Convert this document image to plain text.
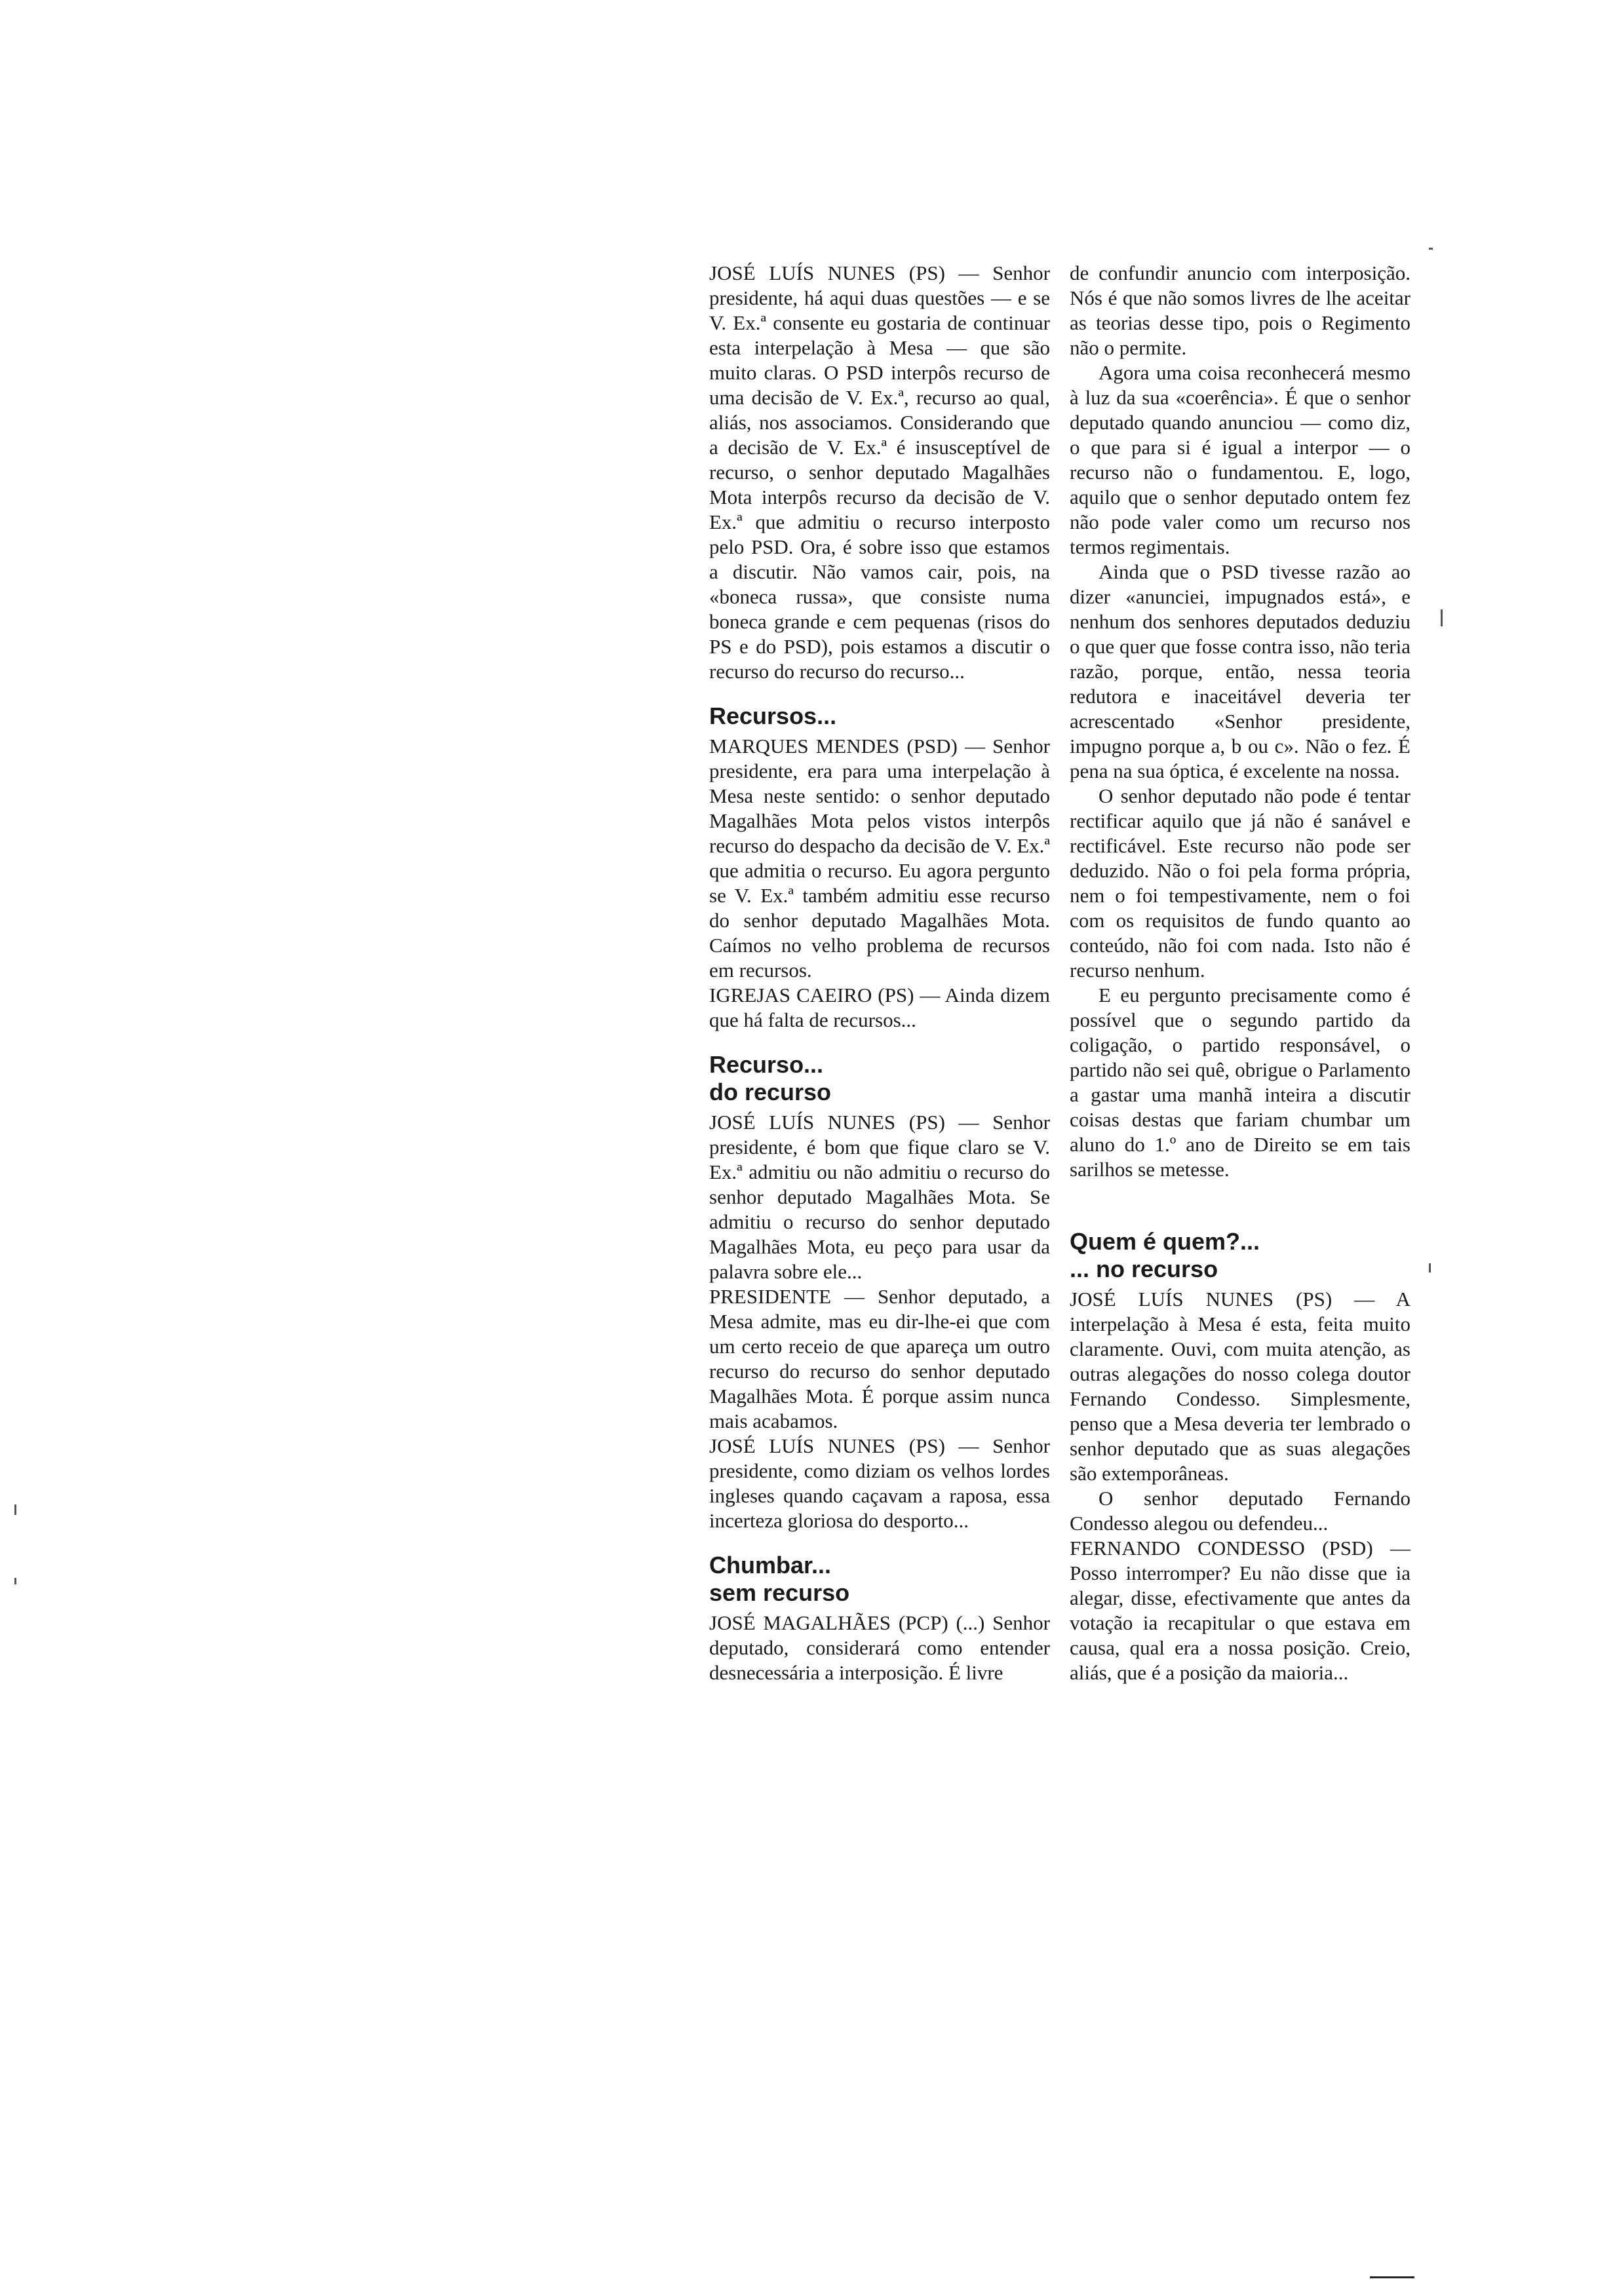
JOSÉ LUÍS NUNES (PS) — Senhor presidente, há aqui duas questões — e se V. Ex.ª consente eu gostaria de continuar esta interpelação à Mesa — que são muito claras. O PSD interpôs recurso de uma decisão de V. Ex.ª, recurso ao qual, aliás, nos associamos. Considerando que a decisão de V. Ex.ª é insusceptível de recurso, o senhor deputado Magalhães Mota interpôs recurso da decisão de V. Ex.ª que admitiu o recurso interposto pelo PSD. Ora, é sobre isso que estamos a discutir. Não vamos cair, pois, na «boneca russa», que consiste numa boneca grande e cem pequenas (risos do PS e do PSD), pois estamos a discutir o recurso do recurso do recurso...

Recursos...

MARQUES MENDES (PSD) — Senhor presidente, era para uma interpelação à Mesa neste sentido: o senhor deputado Magalhães Mota pelos vistos interpôs recurso do despacho da decisão de V. Ex.ª que admitia o recurso. Eu agora pergunto se V. Ex.ª também admitiu esse recurso do senhor deputado Magalhães Mota. Caímos no velho problema de recursos em recursos.

IGREJAS CAEIRO (PS) — Ainda dizem que há falta de recursos...

Recurso...
do recurso

JOSÉ LUÍS NUNES (PS) — Senhor presidente, é bom que fique claro se V. Ex.ª admitiu ou não admitiu o recurso do senhor deputado Magalhães Mota. Se admitiu o recurso do senhor deputado Magalhães Mota, eu peço para usar da palavra sobre ele...

PRESIDENTE — Senhor deputado, a Mesa admite, mas eu dir-lhe-ei que com um certo receio de que apareça um outro recurso do recurso do senhor deputado Magalhães Mota. É porque assim nunca mais acabamos.

JOSÉ LUÍS NUNES (PS) — Senhor presidente, como diziam os velhos lordes ingleses quando caçavam a raposa, essa incerteza gloriosa do desporto...

Chumbar...
sem recurso

JOSÉ MAGALHÃES (PCP) (...) Senhor deputado, considerará como entender desnecessária a interposição. É livre

de confundir anuncio com interposição. Nós é que não somos livres de lhe aceitar as teorias desse tipo, pois o Regimento não o permite.

Agora uma coisa reconhecerá mesmo à luz da sua «coerência». É que o senhor deputado quando anunciou — como diz, o que para si é igual a interpor — o recurso não o fundamentou. E, logo, aquilo que o senhor deputado ontem fez não pode valer como um recurso nos termos regimentais.

Ainda que o PSD tivesse razão ao dizer «anunciei, impugnados está», e nenhum dos senhores deputados deduziu o que quer que fosse contra isso, não teria razão, porque, então, nessa teoria redutora e inaceitável deveria ter acrescentado «Senhor presidente, impugno porque a, b ou c». Não o fez. É pena na sua óptica, é excelente na nossa.

O senhor deputado não pode é tentar rectificar aquilo que já não é sanável e rectificável. Este recurso não pode ser deduzido. Não o foi pela forma própria, nem o foi tempestivamente, nem o foi com os requisitos de fundo quanto ao conteúdo, não foi com nada. Isto não é recurso nenhum.

E eu pergunto precisamente como é possível que o segundo partido da coligação, o partido responsável, o partido não sei quê, obrigue o Parlamento a gastar uma manhã inteira a discutir coisas destas que fariam chumbar um aluno do 1.º ano de Direito se em tais sarilhos se metesse.

Quem é quem?...
... no recurso

JOSÉ LUÍS NUNES (PS) — A interpelação à Mesa é esta, feita muito claramente. Ouvi, com muita atenção, as outras alegações do nosso colega doutor Fernando Condesso. Simplesmente, penso que a Mesa deveria ter lembrado o senhor deputado que as suas alegações são extemporâneas.

O senhor deputado Fernando Condesso alegou ou defendeu...

FERNANDO CONDESSO (PSD) — Posso interromper? Eu não disse que ia alegar, disse, efectivamente que antes da votação ia recapitular o que estava em causa, qual era a nossa posição. Creio, aliás, que é a posição da maioria...
